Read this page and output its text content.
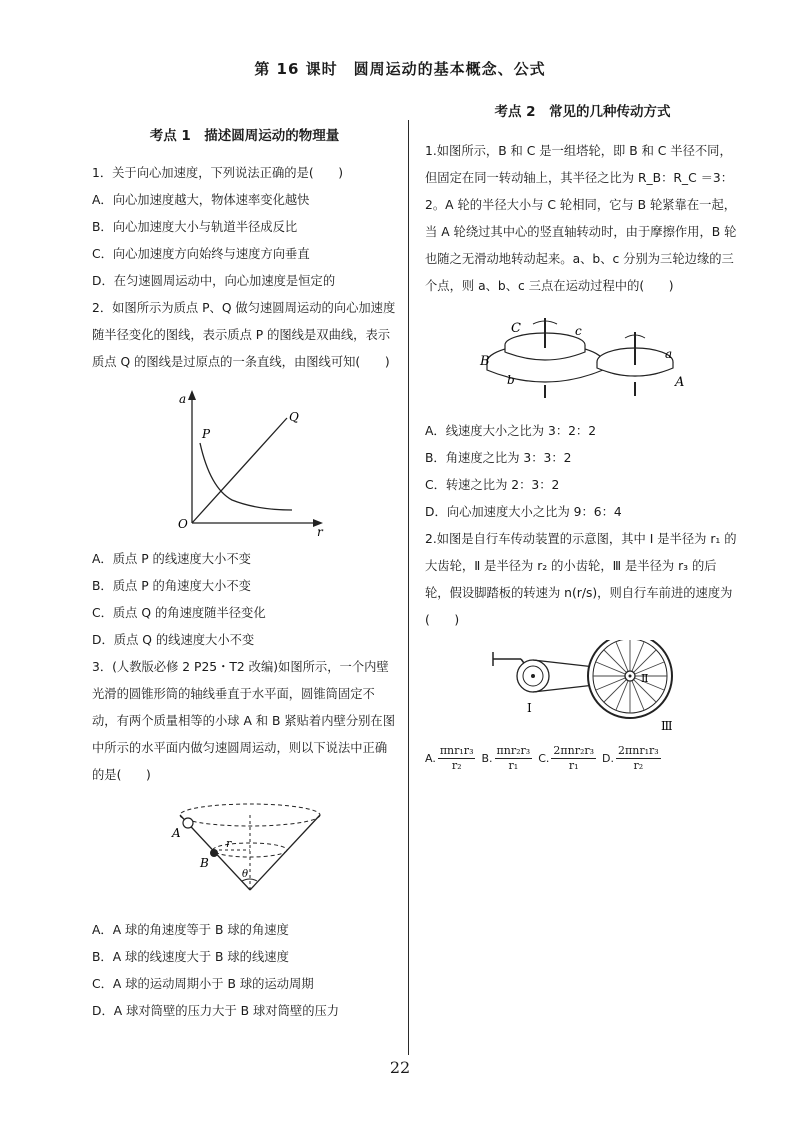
第 16 课时　圆周运动的基本概念、公式

考点 1　描述圆周运动的物理量

1．关于向心加速度，下列说法正确的是(　　)

A．向心加速度越大，物体速率变化越快

B．向心加速度大小与轨道半径成反比

C．向心加速度方向始终与速度方向垂直

D．在匀速圆周运动中，向心加速度是恒定的

2．如图所示为质点 P、Q 做匀速圆周运动的向心加速度随半径变化的图线，表示质点 P 的图线是双曲线，表示质点 Q 的图线是过原点的一条直线，由图线可知(　　)

a
r
O
P
Q

A．质点 P 的线速度大小不变

B．质点 P 的角速度大小不变

C．质点 Q 的角速度随半径变化

D．质点 Q 的线速度大小不变

3．(人教版必修 2 P25・T2 改编)如图所示，一个内壁光滑的圆锥形筒的轴线垂直于水平面，圆锥筒固定不动，有两个质量相等的小球 A 和 B 紧贴着内壁分别在图中所示的水平面内做匀速圆周运动，则以下说法中正确的是(　　)

A
B
r
θ

A．A 球的角速度等于 B 球的角速度

B．A 球的线速度大于 B 球的线速度

C．A 球的运动周期小于 B 球的运动周期

D．A 球对筒壁的压力大于 B 球对筒壁的压力

考点 2　常见的几种传动方式

1.如图所示，B 和 C 是一组塔轮，即 B 和 C 半径不同，但固定在同一转动轴上，其半径之比为 R_B：R_C ＝3：2。A 轮的半径大小与 C 轮相同，它与 B 轮紧靠在一起，当 A 轮绕过其中心的竖直轴转动时，由于摩擦作用，B 轮也随之无滑动地转动起来。a、b、c 分别为三轮边缘的三个点，则 a、b、c 三点在运动过程中的(　　)

C	c
B
b
a
A

A．线速度大小之比为 3：2：2

B．角速度之比为 3：3：2

C．转速之比为 2：3：2

D．向心加速度大小之比为 9：6：4

2.如图是自行车传动装置的示意图，其中 Ⅰ 是半径为 r₁ 的大齿轮，Ⅱ 是半径为 r₂ 的小齿轮，Ⅲ 是半径为 r₃ 的后轮，假设脚踏板的转速为 n(r/s)，则自行车前进的速度为(　　)

Ⅰ
Ⅱ
Ⅲ
A. $\frac{\text{πnr₁r₃}}{\text{r₂}} B$. $\frac{\text{πnr₂r₃}}{\text{r₁}} C$. $\frac{\text{2πnr₂r₃}}{\text{r₁}} D$. $\frac{\text{2πnr₁r₃}}{\text{r₂}}$
22
